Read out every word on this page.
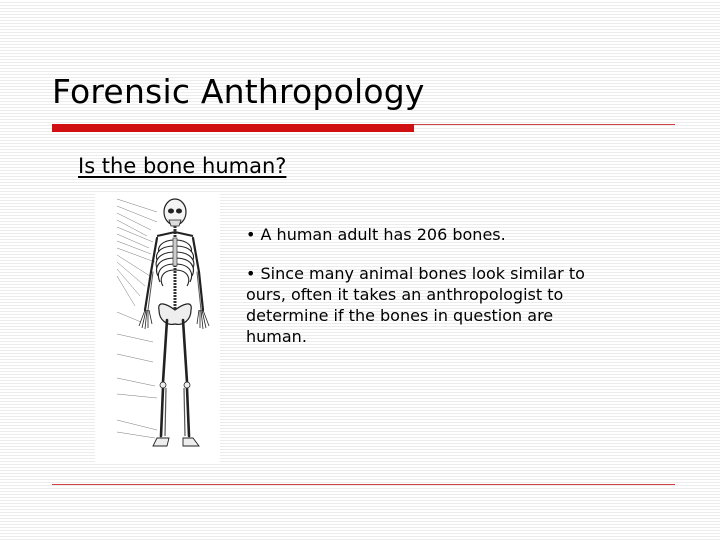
Forensic Anthropology
Is the bone human?

• A human adult has 206 bones.

• Since many animal bones look similar to ours, often it takes an anthropologist to determine if the bones in question are human.
